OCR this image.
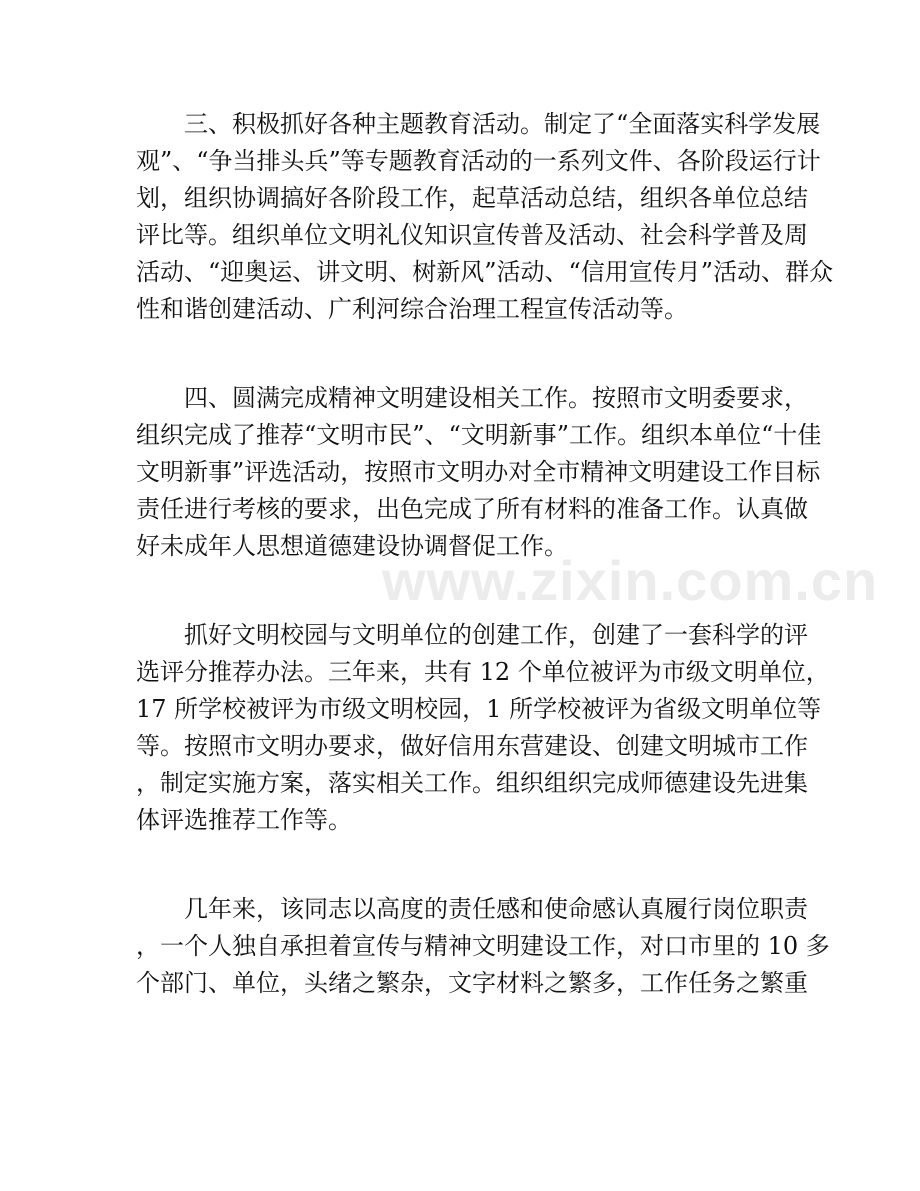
www.zixin.com.cn
三、积极抓好各种主题教育活动。制定了“全面落实科学发展
观”、“争当排头兵”等专题教育活动的一系列文件、各阶段运行计
划，组织协调搞好各阶段工作，起草活动总结，组织各单位总结
评比等。组织单位文明礼仪知识宣传普及活动、社会科学普及周
活动、“迎奥运、讲文明、树新风”活动、“信用宣传月”活动、群众
性和谐创建活动、广利河综合治理工程宣传活动等。
四、圆满完成精神文明建设相关工作。按照市文明委要求，
组织完成了推荐“文明市民”、“文明新事”工作。组织本单位“十佳
文明新事”评选活动，按照市文明办对全市精神文明建设工作目标
责任进行考核的要求，出色完成了所有材料的准备工作。认真做
好未成年人思想道德建设协调督促工作。
抓好文明校园与文明单位的创建工作，创建了一套科学的评
选评分推荐办法。三年来，共有 12 个单位被评为市级文明单位，
17 所学校被评为市级文明校园，1 所学校被评为省级文明单位等
等。按照市文明办要求，做好信用东营建设、创建文明城市工作
，制定实施方案，落实相关工作。组织组织完成师德建设先进集
体评选推荐工作等。
几年来，该同志以高度的责任感和使命感认真履行岗位职责
，一个人独自承担着宣传与精神文明建设工作，对口市里的 10 多
个部门、单位，头绪之繁杂，文字材料之繁多，工作任务之繁重
